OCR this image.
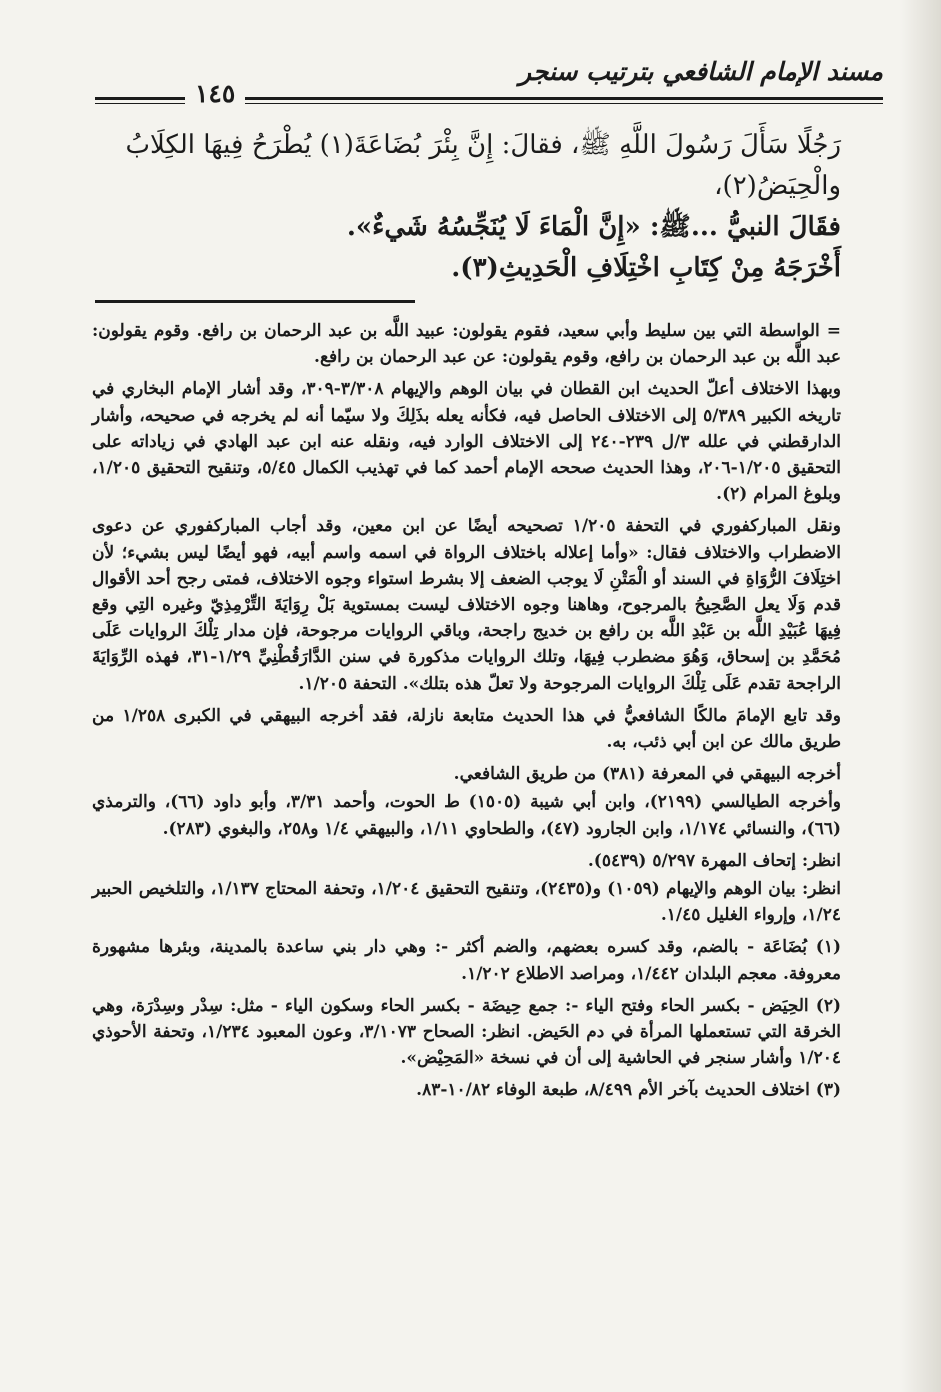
مسند الإمام الشافعي بترتيب سنجر
١٤٥

رَجُلًا سَأَلَ رَسُولَ اللَّهِ ﷺ، فقالَ: إِنَّ بِئْرَ بُضَاعَةَ(١) يُطْرَحُ فِيهَا الكِلَابُ والْحِيَضُ(٢)،

فقَالَ النبيُّ ...ﷺ: «إِنَّ الْمَاءَ لَا يُنَجِّسُهُ شَيءٌ».

أَخْرَجَهُ مِنْ كِتَابِ اخْتِلَافِ الْحَدِيثِ(٣).

= الواسطة التي بين سليط وأبي سعيد، فقوم يقولون: عبيد اللَّه بن عبد الرحمان بن رافع. وقوم يقولون: عبد اللَّه بن عبد الرحمان بن رافع، وقوم يقولون: عن عبد الرحمان بن رافع.

وبهذا الاختلاف أعلّ الحديث ابن القطان في بيان الوهم والإيهام ٣/٣٠٨-٣٠٩، وقد أشار الإمام البخاري في تاريخه الكبير ٥/٣٨٩ إلى الاختلاف الحاصل فيه، فكأنه يعله بذَلِكَ ولا سيّما أنه لم يخرجه في صحيحه، وأشار الدارقطني في علله ٣/ل ٢٣٩-٢٤٠ إلى الاختلاف الوارد فيه، ونقله عنه ابن عبد الهادي في زياداته على التحقيق ١/٢٠٥-٢٠٦، وهذا الحديث صححه الإمام أحمد كما في تهذيب الكمال ٥/٤٥، وتنقيح التحقيق ١/٢٠٥، وبلوغ المرام (٢).

ونقل المباركفوري في التحفة ١/٢٠٥ تصحيحه أيضًا عن ابن معين، وقد أجاب المباركفوري عن دعوى الاضطراب والاختلاف فقال: «وأما إعلاله باختلاف الرواة في اسمه واسم أبيه، فهو أيضًا ليس بشيء؛ لأن اختِلَافَ الرُّوَاةِ في السند أو الْمَتْنِ لَا يوجب الضعف إلا بشرط استواء وجوه الاختلاف، فمتى رجح أحد الأقوال قدم وَلَا يعل الصَّحِيحُ بالمرجوح، وهاهنا وجوه الاختلاف ليست بمستوية بَلْ رِوَايَةَ التِّرْمِذِيّ وغيره التِي وقع فِيهَا عُبَيْدِ اللَّه بن عَبْدِ اللَّه بن رافع بن خديج راجحة، وباقي الروايات مرجوحة، فإن مدار تِلْكَ الروايات عَلَى مُحَمَّدِ بن إسحاق، وَهُوَ مضطرب فِيهَا، وتلك الروايات مذكورة في سنن الدَّارَقُطْنِيِّ ١/٢٩-٣١، فهذه الرِّوَايَةَ الراجحة تقدم عَلَى تِلْكَ الروايات المرجوحة ولا تعلّ هذه بتلك». التحفة ١/٢٠٥.

وقد تابع الإمامَ مالكًا الشافعيُّ في هذا الحديث متابعة نازلة، فقد أخرجه البيهقي في الكبرى ١/٢٥٨ من طريق مالك عن ابن أبي ذئب، به.

أخرجه البيهقي في المعرفة (٣٨١) من طريق الشافعي.

وأخرجه الطيالسي (٢١٩٩)، وابن أبي شيبة (١٥٠٥) ط الحوت، وأحمد ٣/٣١، وأبو داود (٦٦)، والترمذي (٦٦)، والنسائي ١/١٧٤، وابن الجارود (٤٧)، والطحاوي ١/١١، والبيهقي ١/٤ و٢٥٨، والبغوي (٢٨٣).

انظر: إتحاف المهرة ٥/٢٩٧ (٥٤٣٩).

انظر: بيان الوهم والإيهام (١٠٥٩) و(٢٤٣٥)، وتنقيح التحقيق ١/٢٠٤، وتحفة المحتاج ١/١٣٧، والتلخيص الحبير ١/٢٤، وإرواء الغليل ١/٤٥.

(١) بُضَاعَة - بالضم، وقد كسره بعضهم، والضم أكثر -: وهي دار بني ساعدة بالمدينة، وبئرها مشهورة معروفة. معجم البلدان ١/٤٤٢، ومراصد الاطلاع ١/٢٠٢.

(٢) الحِيَض - بكسر الحاء وفتح الياء -: جمع حِيضَة - بكسر الحاء وسكون الياء - مثل: سِدْر وسِدْرَة، وهي الخرقة التي تستعملها المرأة في دم الحَيض. انظر: الصحاح ٣/١٠٧٣، وعون المعبود ١/٢٣٤، وتحفة الأحوذي ١/٢٠٤ وأشار سنجر في الحاشية إلى أن في نسخة «المَحِيْض».

(٣) اختلاف الحديث بآخر الأم ٨/٤٩٩، طبعة الوفاء ١٠/٨٢-٨٣.
